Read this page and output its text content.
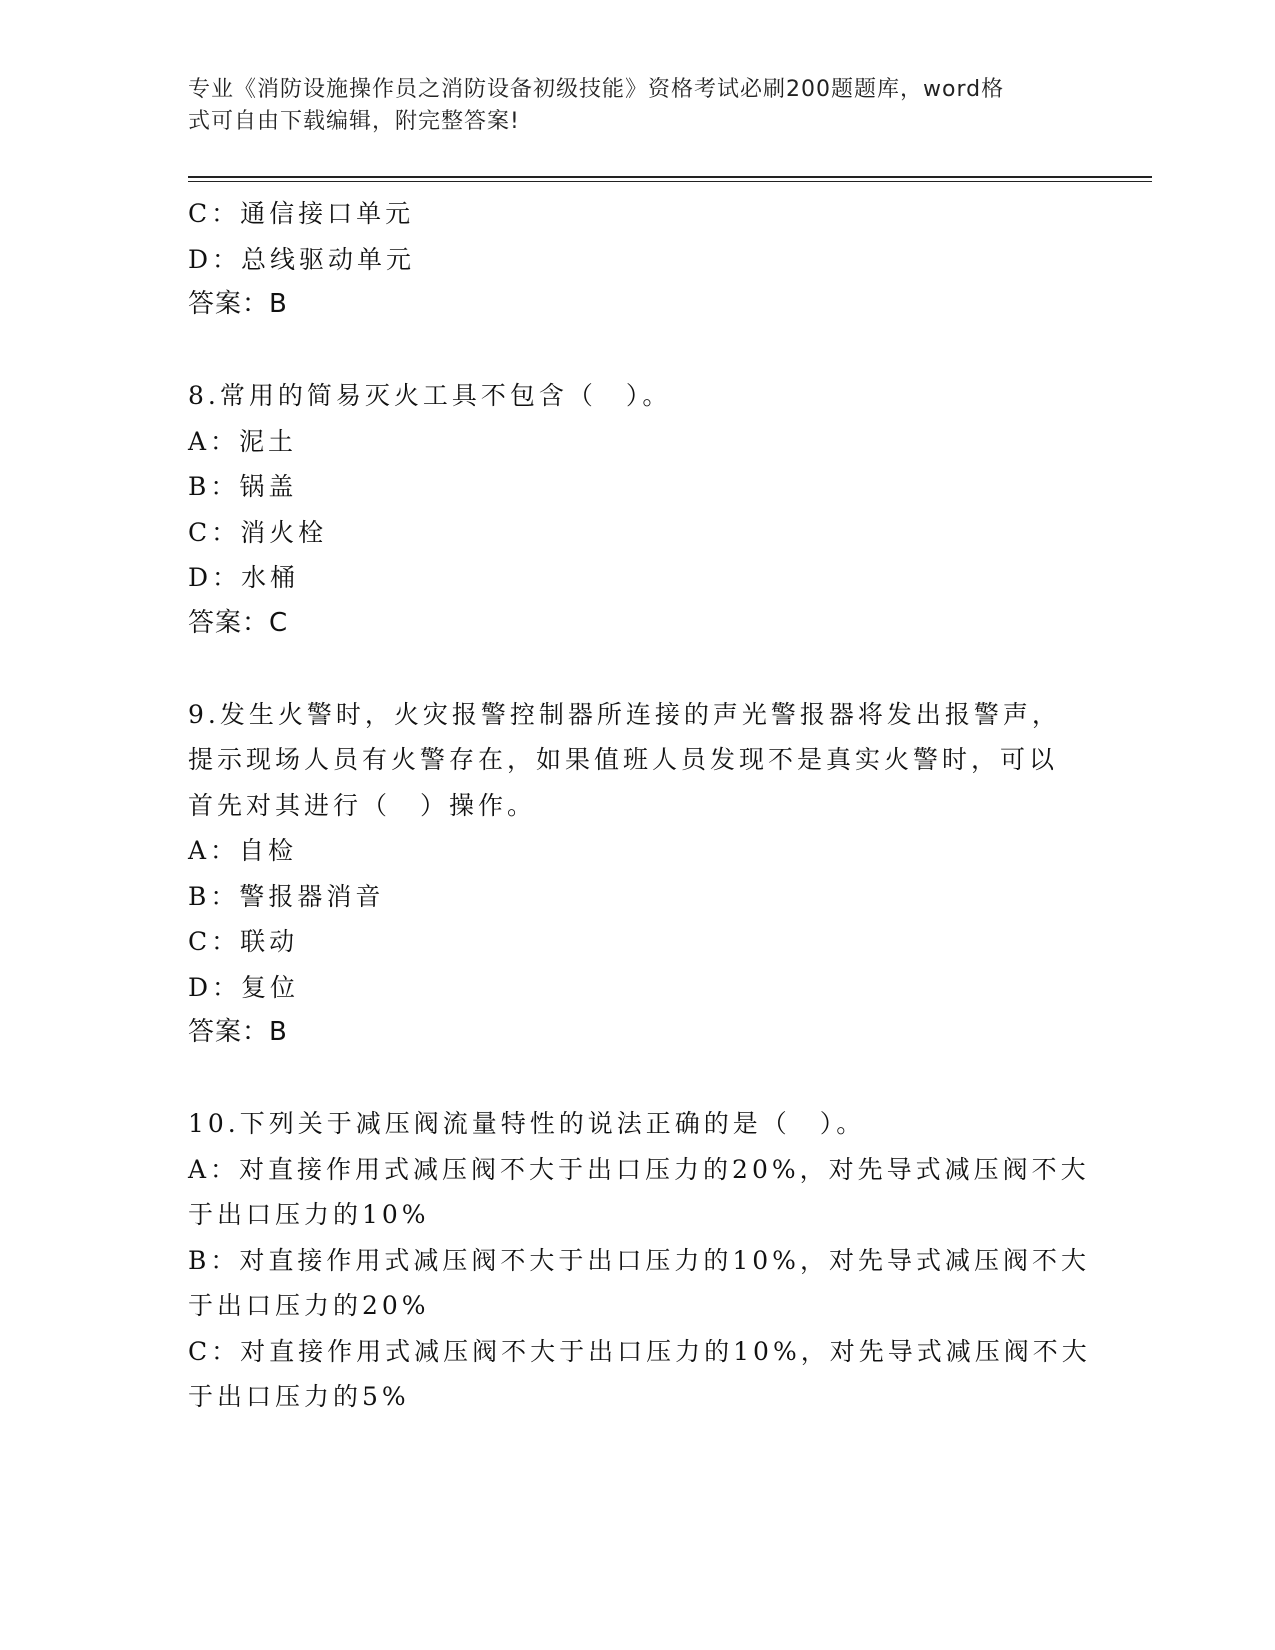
专业《消防设施操作员之消防设备初级技能》资格考试必刷200题题库，word格
式可自由下载编辑，附完整答案!
C：通信接口单元
D：总线驱动单元
答案：B
8.常用的简易灭火工具不包含（　）。
A：泥土
B：锅盖
C：消火栓
D：水桶
答案：C
9.发生火警时，火灾报警控制器所连接的声光警报器将发出报警声，
提示现场人员有火警存在，如果值班人员发现不是真实火警时，可以
首先对其进行（　）操作。
A：自检
B：警报器消音
C：联动
D：复位
答案：B
10.下列关于减压阀流量特性的说法正确的是（　）。
A：对直接作用式减压阀不大于出口压力的20%，对先导式减压阀不大
于出口压力的10%
B：对直接作用式减压阀不大于出口压力的10%，对先导式减压阀不大
于出口压力的20%
C：对直接作用式减压阀不大于出口压力的10%，对先导式减压阀不大
于出口压力的5%
